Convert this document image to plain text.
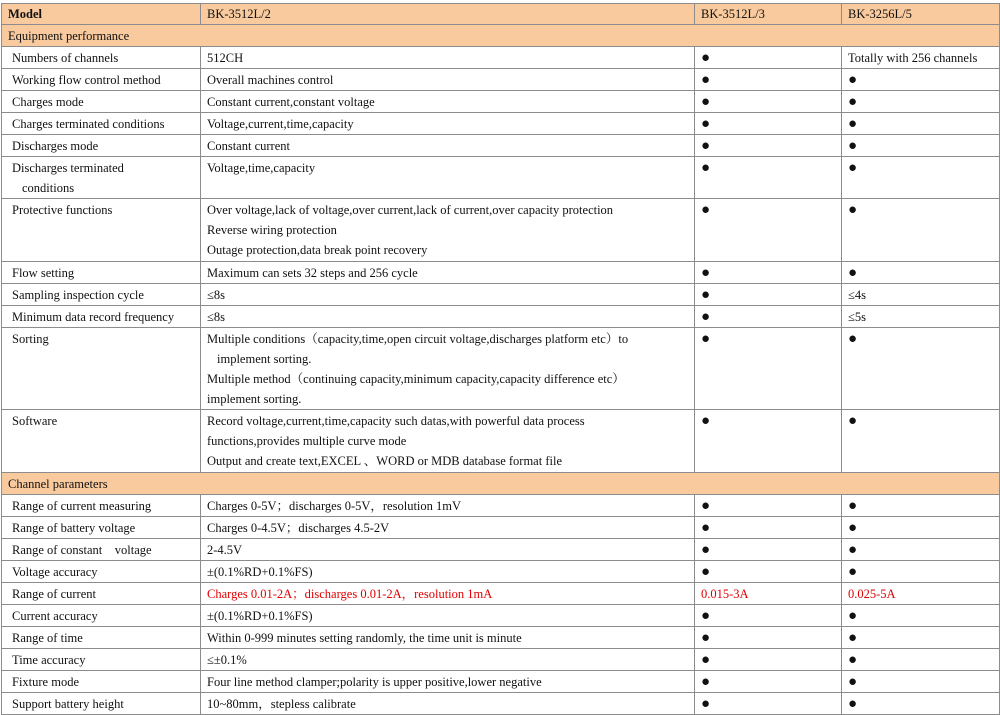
Model	BK-3512L/2	BK-3512L/3	BK-3256L/5
Equipment performance			
Numbers of channels	512CH	●	Totally with 256 channels
Working flow control method	Overall machines control	●	●
Charges mode	Constant current,constant voltage	●	●
Charges terminated conditions	Voltage,current,time,capacity	●	●
Discharges mode	Constant current	●	●

Discharges terminated
conditions	Voltage,time,capacity	●	●
Protective functions	Over voltage,lack of voltage,over current,lack of current,over capacity protection
Reverse wiring protection
Outage protection,data break point recovery	●	●
Flow setting	Maximum can sets 32 steps and 256 cycle	●	●
Sampling inspection cycle	≤8s	●	≤4s
Minimum data record frequency	≤8s	●	≤5s
Sorting	Multiple conditions（capacity,time,open circuit voltage,discharges platform etc）to
implement sorting.
Multiple method（continuing capacity,minimum capacity,capacity difference etc）
implement sorting.	●	●
Software	Record voltage,current,time,capacity such datas,with powerful data process
functions,provides multiple curve mode
Output and create text,EXCEL 、WORD or MDB database format file	●	●
Channel parameters			
Range of current measuring	Charges 0-5V；discharges 0-5V，resolution 1mV	●	●
Range of battery voltage	Charges 0-4.5V；discharges 4.5-2V	●	●
Range of constant    voltage	2-4.5V	●	●
Voltage accuracy	±(0.1%RD+0.1%FS)	●	●
Range of current	Charges 0.01-2A；discharges 0.01-2A，resolution 1mA	0.015-3A	0.025-5A
Current accuracy	±(0.1%RD+0.1%FS)	●	●
Range of time	Within 0-999 minutes setting randomly, the time unit is minute	●	●
Time accuracy	≤±0.1%	●	●
Fixture mode	Four line method clamper;polarity is upper positive,lower negative	●	●
Support battery height	10~80mm，stepless calibrate	●	●
